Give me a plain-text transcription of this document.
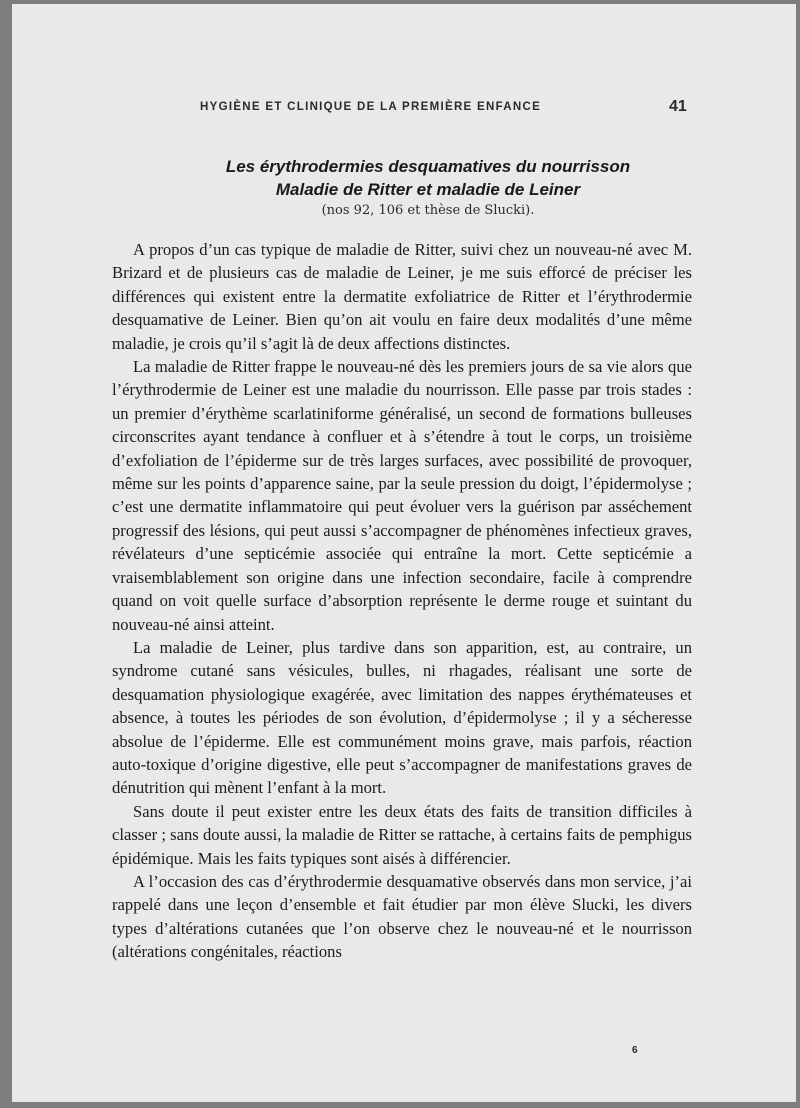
HYGIÈNE ET CLINIQUE DE LA PREMIÈRE ENFANCE	41
Les érythrodermies desquamatives du nourrisson
Maladie de Ritter et maladie de Leiner
(nos 92, 106 et thèse de Slucki).

A propos d’un cas typique de maladie de Ritter, suivi chez un nouveau-né avec M. Brizard et de plusieurs cas de maladie de Leiner, je me suis efforcé de préciser les différences qui existent entre la dermatite exfoliatrice de Ritter et l’érythrodermie desquamative de Leiner. Bien qu’on ait voulu en faire deux modalités d’une même maladie, je crois qu’il s’agit là de deux affections distinctes.

La maladie de Ritter frappe le nouveau-né dès les premiers jours de sa vie alors que l’érythrodermie de Leiner est une maladie du nourrisson. Elle passe par trois stades : un premier d’érythème scarlatiniforme généralisé, un second de formations bulleuses circonscrites ayant tendance à confluer et à s’étendre à tout le corps, un troisième d’exfoliation de l’épiderme sur de très larges surfaces, avec possibilité de provoquer, même sur les points d’apparence saine, par la seule pression du doigt, l’épidermolyse ; c’est une dermatite inflammatoire qui peut évoluer vers la guérison par asséchement progressif des lésions, qui peut aussi s’accompagner de phénomènes infectieux graves, révélateurs d’une septicémie associée qui entraîne la mort. Cette septicémie a vraisemblablement son origine dans une infection secondaire, facile à comprendre quand on voit quelle surface d’absorption représente le derme rouge et suintant du nouveau-né ainsi atteint.

La maladie de Leiner, plus tardive dans son apparition, est, au contraire, un syndrome cutané sans vésicules, bulles, ni rhagades, réalisant une sorte de desquamation physiologique exagérée, avec limitation des nappes érythémateuses et absence, à toutes les périodes de son évolution, d’épidermolyse ; il y a sécheresse absolue de l’épiderme. Elle est communément moins grave, mais parfois, réaction auto-toxique d’origine digestive, elle peut s’accompagner de manifestations graves de dénutrition qui mènent l’enfant à la mort.

Sans doute il peut exister entre les deux états des faits de transition difficiles à classer ; sans doute aussi, la maladie de Ritter se rattache, à certains faits de pemphigus épidémique. Mais les faits typiques sont aisés à différencier.

A l’occasion des cas d’érythrodermie desquamative observés dans mon service, j’ai rappelé dans une leçon d’ensemble et fait étudier par mon élève Slucki, les divers types d’altérations cutanées que l’on observe chez le nouveau-né et le nourrisson (altérations congénitales, réactions

6
